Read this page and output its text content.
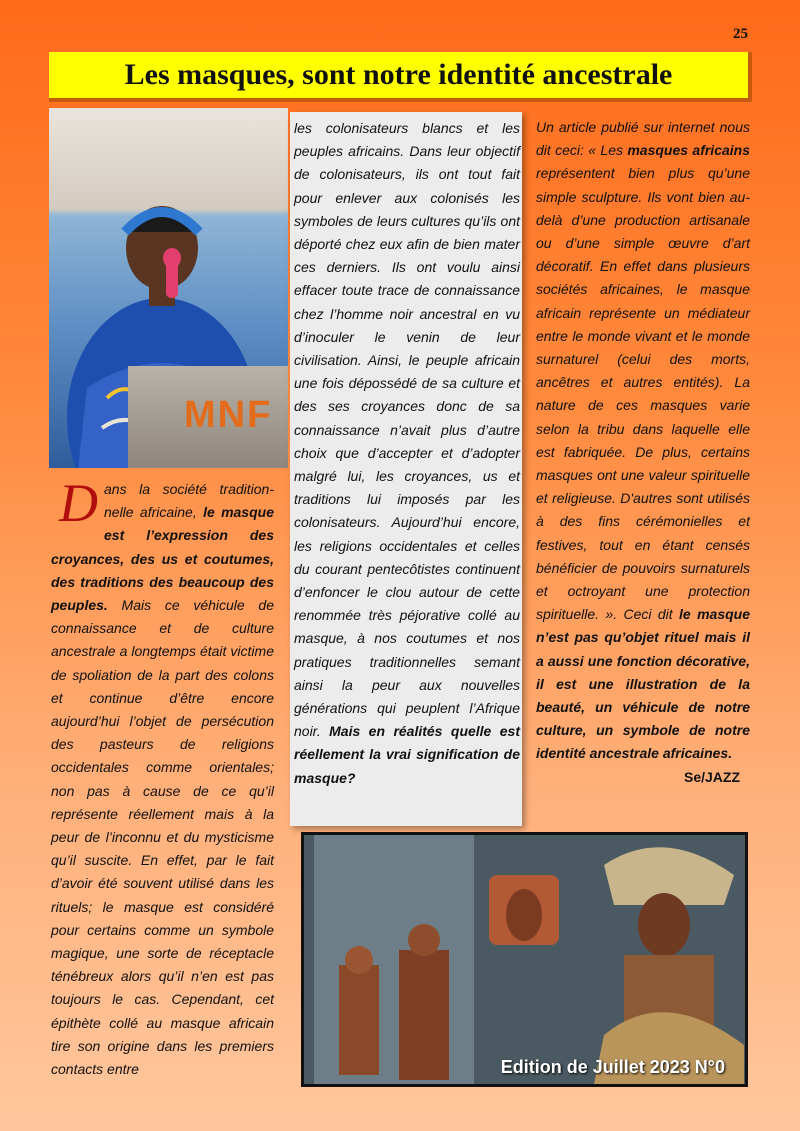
25
Les masques, sont notre identité ancestrale
MNF

Dans la société tradition-nelle africaine, le masque est l’expression des croyances, des us et coutumes, des traditions des beaucoup des peuples. Mais ce véhicule de connaissance et de culture ancestrale a longtemps était victime de spoliation de la part des colons et continue d’être encore aujourd’hui l’objet de persécution des pasteurs de religions occidentales comme orientales; non pas à cause de ce qu’il représente réellement mais à la peur de l’inconnu et du mysticisme qu’il suscite. En effet, par le fait d’avoir été souvent utilisé dans les rituels; le masque est considéré pour certains comme un symbole magique, une sorte de réceptacle ténébreux alors qu’il n’en est pas toujours le cas. Cependant, cet épithète collé au masque africain tire son origine dans les premiers contacts entre

les colonisateurs blancs et les peuples africains. Dans leur objectif de colonisateurs, ils ont tout fait pour enlever aux colonisés les symboles de leurs cultures qu’ils ont déporté chez eux afin de bien mater ces derniers. Ils ont voulu ainsi effacer toute trace de connaissance chez l’homme noir ancestral en vu d’inoculer le venin de leur civilisation. Ainsi, le peuple africain une fois dépossédé de sa culture et des ses croyances donc de sa connaissance n’avait plus d’autre choix que d’accepter et d’adopter malgré lui, les croyances, us et traditions lui imposés par les colonisateurs. Aujourd’hui encore, les religions occidentales et celles du courant pentecôtistes continuent d’enfoncer le clou autour de cette renommée très péjorative collé au masque, à nos coutumes et nos pratiques traditionnelles semant ainsi la peur aux nouvelles générations qui peuplent l’Afrique noir. Mais en réalités quelle est réellement la vrai signification de masque?

Un article publié sur internet nous dit ceci: « Les masques africains représentent bien plus qu’une simple sculpture. Ils vont bien au-delà d’une production artisanale ou d’une simple œuvre d’art décoratif. En effet dans plusieurs sociétés africaines, le masque africain représente un médiateur entre le monde vivant et le monde surnaturel (celui des morts, ancêtres et autres entités). La nature de ces masques varie selon la tribu dans laquelle elle est fabriquée. De plus, certains masques ont une valeur spirituelle et religieuse. D'autres sont utilisés à des fins cérémonielles et festives, tout en étant censés bénéficier de pouvoirs surnaturels et octroyant une protection spirituelle. ». Ceci dit le masque n’est pas qu’objet rituel mais il a aussi une fonction décorative, il est une illustration de la beauté, un véhicule de notre culture, un symbole de notre identité ancestrale africaines.
Se/JAZZ

Edition de Juillet 2023 N°0
